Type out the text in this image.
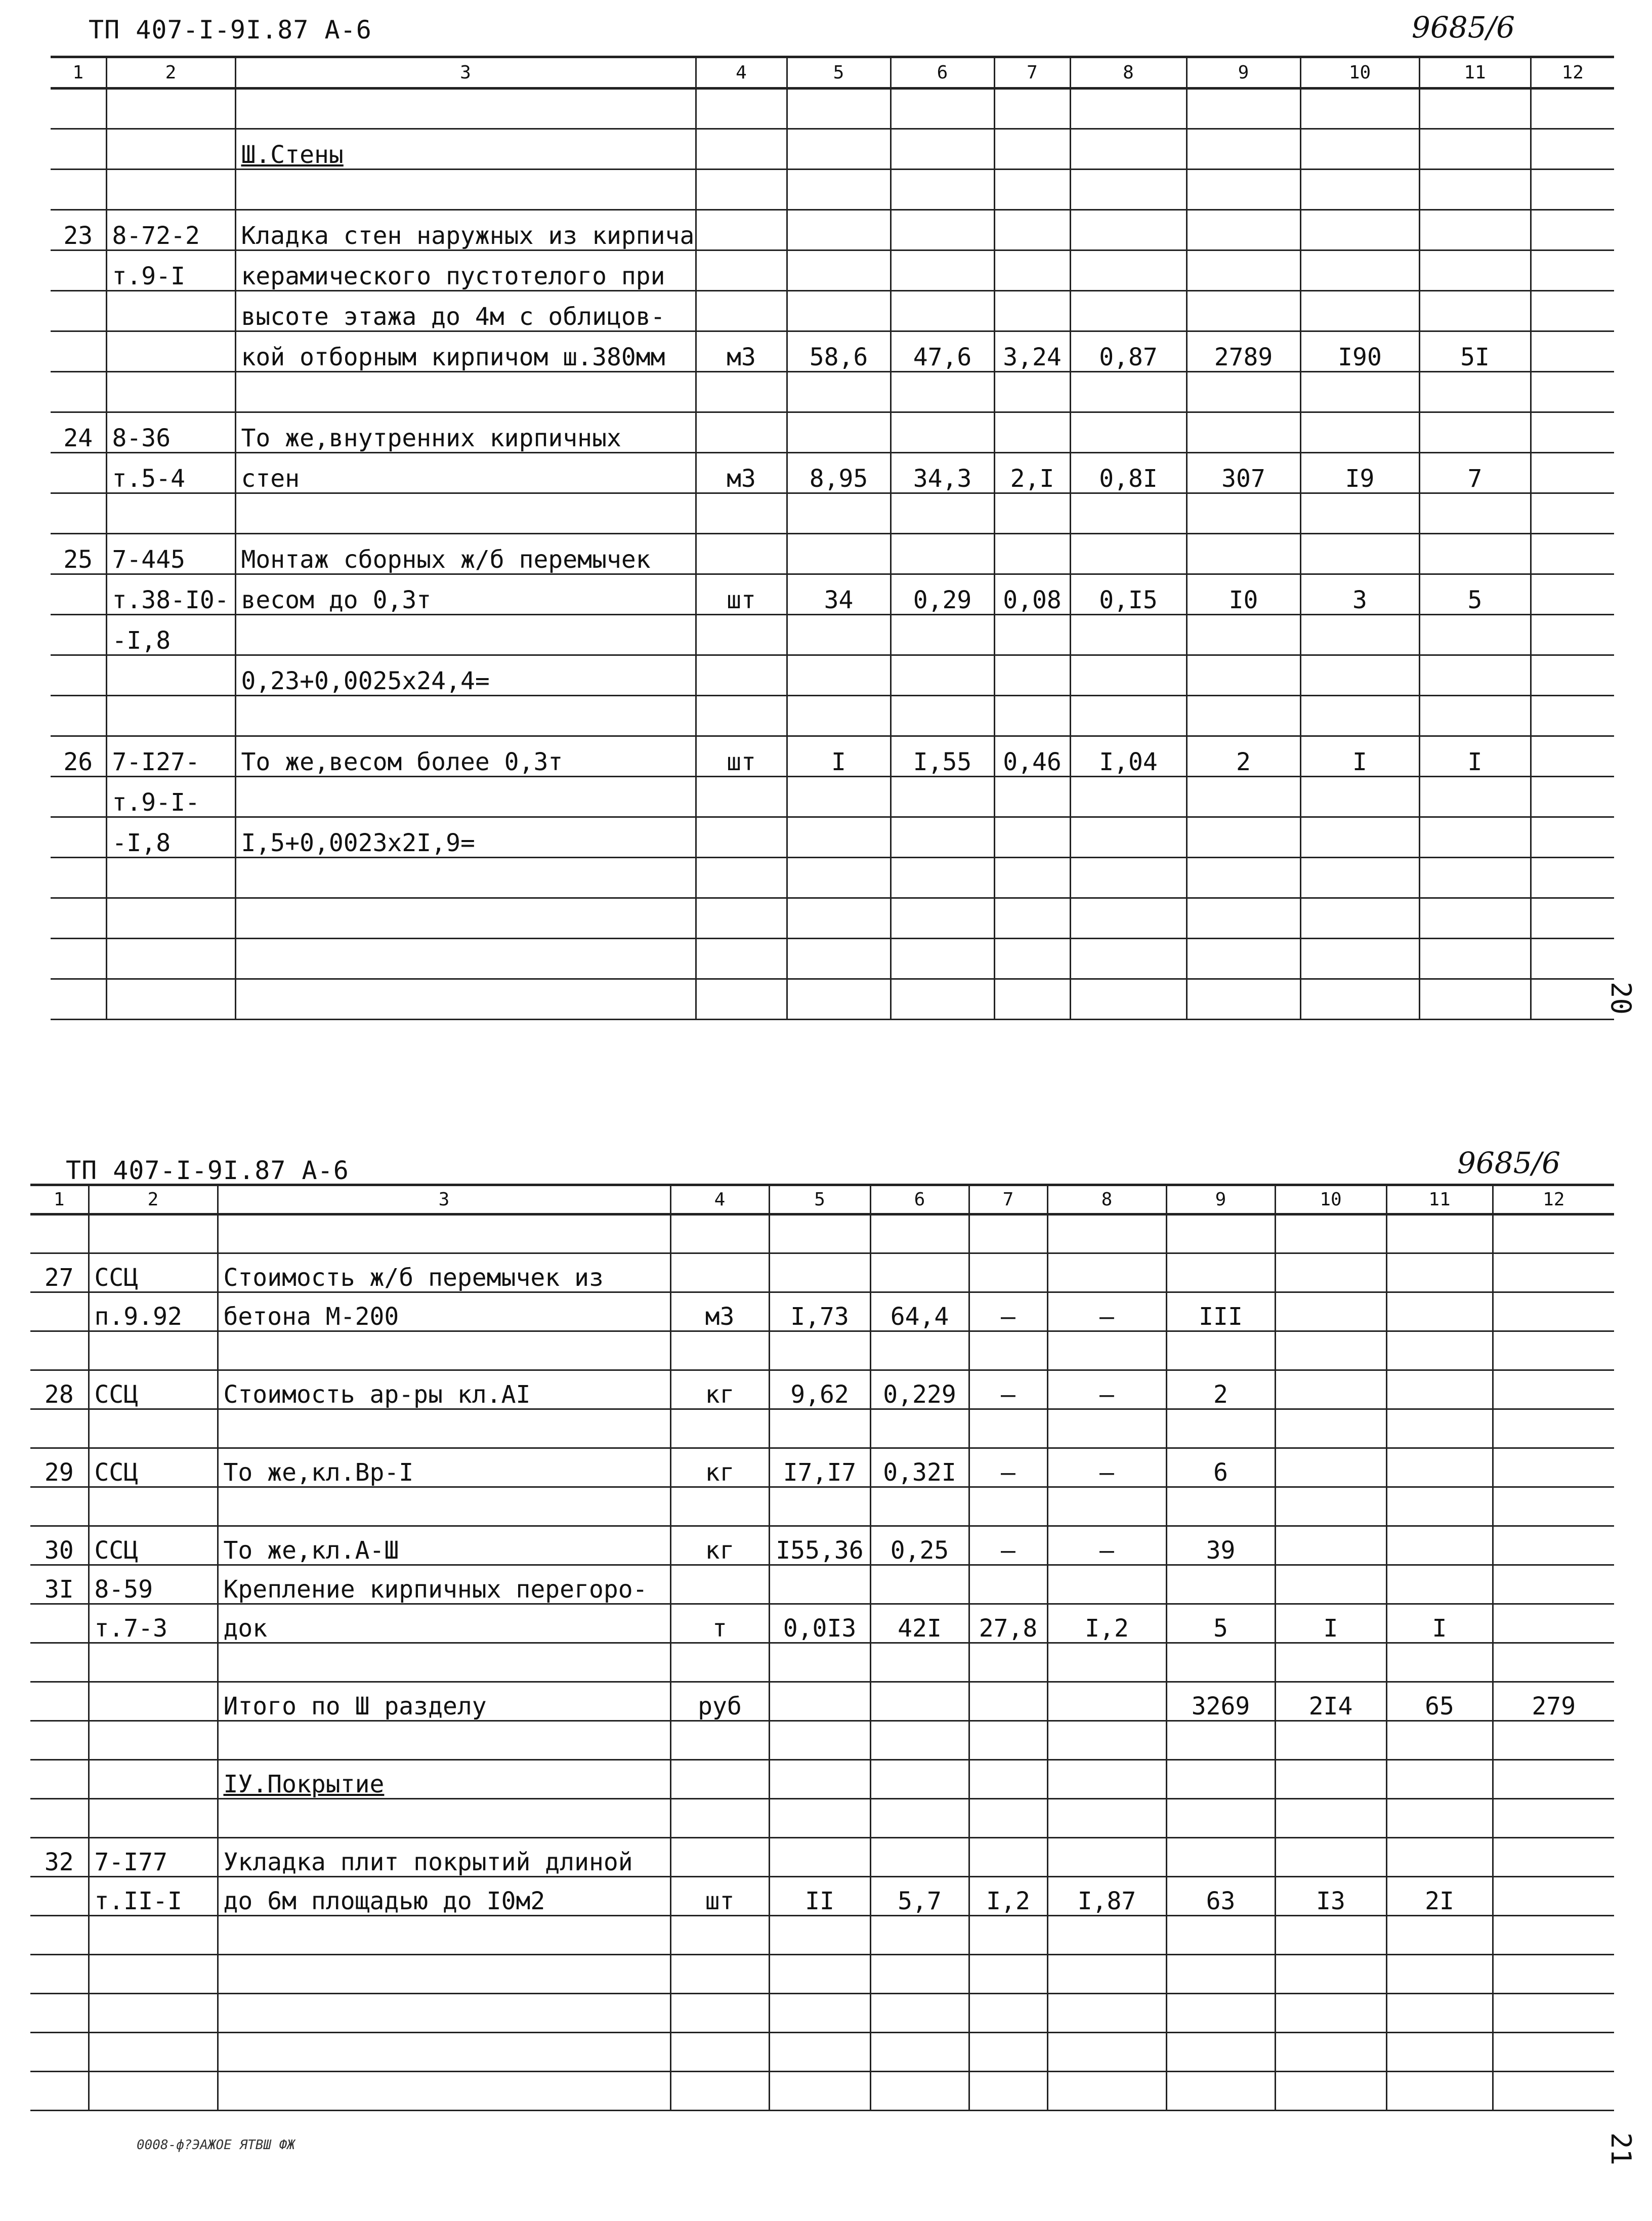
ТП 407-I-9I.87 А-6	9685/6
20
1	2	3	4	5	6	7	8	9	10	11	12

		Ш.Стены									

23	8-72-2	Кладка стен наружных из кирпича									
	т.9-I	керамического пустотелого при									
		высоте этажа до 4м с облицов-									
		кой отборным кирпичом ш.380мм	м3	58,6	47,6	3,24	0,87	2789	I90	5I	

24	8-36	То же,внутренних кирпичных									
	т.5-4	стен	м3	8,95	34,3	2,I	0,8I	307	I9	7	

25	7-445	Монтаж сборных ж/б перемычек									
	т.38-I0-	весом до 0,3т	шт	34	0,29	0,08	0,I5	I0	3	5	
	-I,8										
		0,23+0,0025х24,4=									

26	7-I27-	То же,весом более 0,3т	шт	I	I,55	0,46	I,04	2	I	I	
	т.9-I-										
	-I,8	I,5+0,0023х2I,9=									

ТП 407-I-9I.87 А-6	9685/6
21
1	2	3	4	5	6	7	8	9	10	11	12

27	ССЦ	Стоимость ж/б перемычек из									
	п.9.92	бетона М-200	м3	I,73	64,4	–	–	III			

28	ССЦ	Стоимость ар-ры кл.АI	кг	9,62	0,229	–	–	2			

29	ССЦ	То же,кл.Вр-I	кг	I7,I7	0,32I	–	–	6			

30	ССЦ	То же,кл.А-Ш	кг	I55,36	0,25	–	–	39			
3I	8-59	Крепление кирпичных перегоро-									
	т.7-3	док	т	0,0I3	42I	27,8	I,2	5	I	I	

		Итого по Ш разделу	руб					3269	2I4	65	279

		IУ.Покрытие									

32	7-I77	Укладка плит покрытий длиной									
	т.II-I	до 6м площадью до I0м2	шт	II	5,7	I,2	I,87	63	I3	2I	

0008-ф?ЭАЖОЕ ЯТВШ ФЖ
